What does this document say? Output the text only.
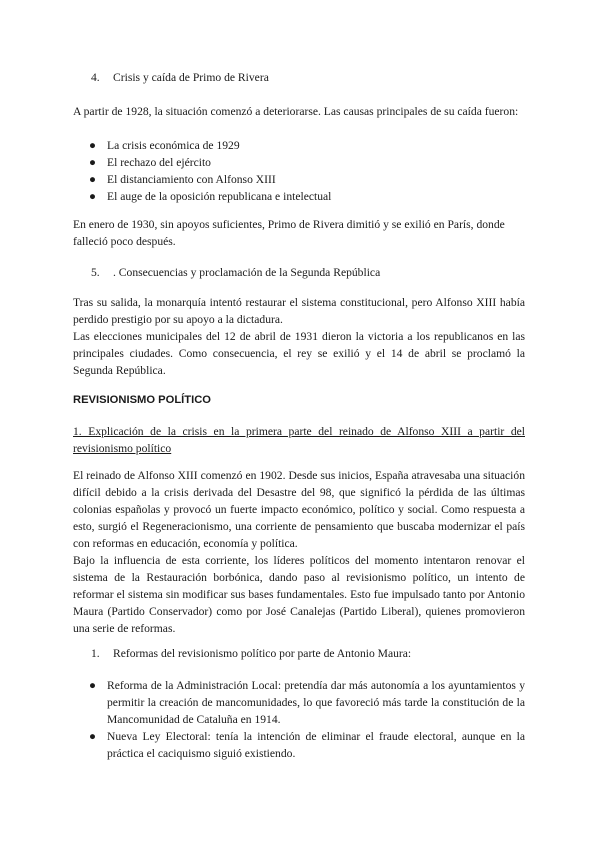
4. Crisis y caída de Primo de Rivera

A partir de 1928, la situación comenzó a deteriorarse. Las causas principales de su caída fueron:

● La crisis económica de 1929
● El rechazo del ejército
● El distanciamiento con Alfonso XIII
● El auge de la oposición republicana e intelectual

En enero de 1930, sin apoyos suficientes, Primo de Rivera dimitió y se exilió en París, donde falleció poco después.

5. . Consecuencias y proclamación de la Segunda República

Tras su salida, la monarquía intentó restaurar el sistema constitucional, pero Alfonso XIII había perdido prestigio por su apoyo a la dictadura.

Las elecciones municipales del 12 de abril de 1931 dieron la victoria a los republicanos en las principales ciudades. Como consecuencia, el rey se exilió y el 14 de abril se proclamó la Segunda República.

REVISIONISMO POLÍTICO

1. Explicación de la crisis en la primera parte del reinado de Alfonso XIII a partir del revisionismo político

El reinado de Alfonso XIII comenzó en 1902. Desde sus inicios, España atravesaba una situación difícil debido a la crisis derivada del Desastre del 98, que significó la pérdida de las últimas colonias españolas y provocó un fuerte impacto económico, político y social. Como respuesta a esto, surgió el Regeneracionismo, una corriente de pensamiento que buscaba modernizar el país con reformas en educación, economía y política.

Bajo la influencia de esta corriente, los líderes políticos del momento intentaron renovar el sistema de la Restauración borbónica, dando paso al revisionismo político, un intento de reformar el sistema sin modificar sus bases fundamentales. Esto fue impulsado tanto por Antonio Maura (Partido Conservador) como por José Canalejas (Partido Liberal), quienes promovieron una serie de reformas.

1. Reformas del revisionismo político por parte de Antonio Maura:
● Reforma de la Administración Local: pretendía dar más autonomía a los ayuntamientos y permitir la creación de mancomunidades, lo que favoreció más tarde la constitución de la Mancomunidad de Cataluña en 1914.
● Nueva Ley Electoral: tenía la intención de eliminar el fraude electoral, aunque en la práctica el caciquismo siguió existiendo.
